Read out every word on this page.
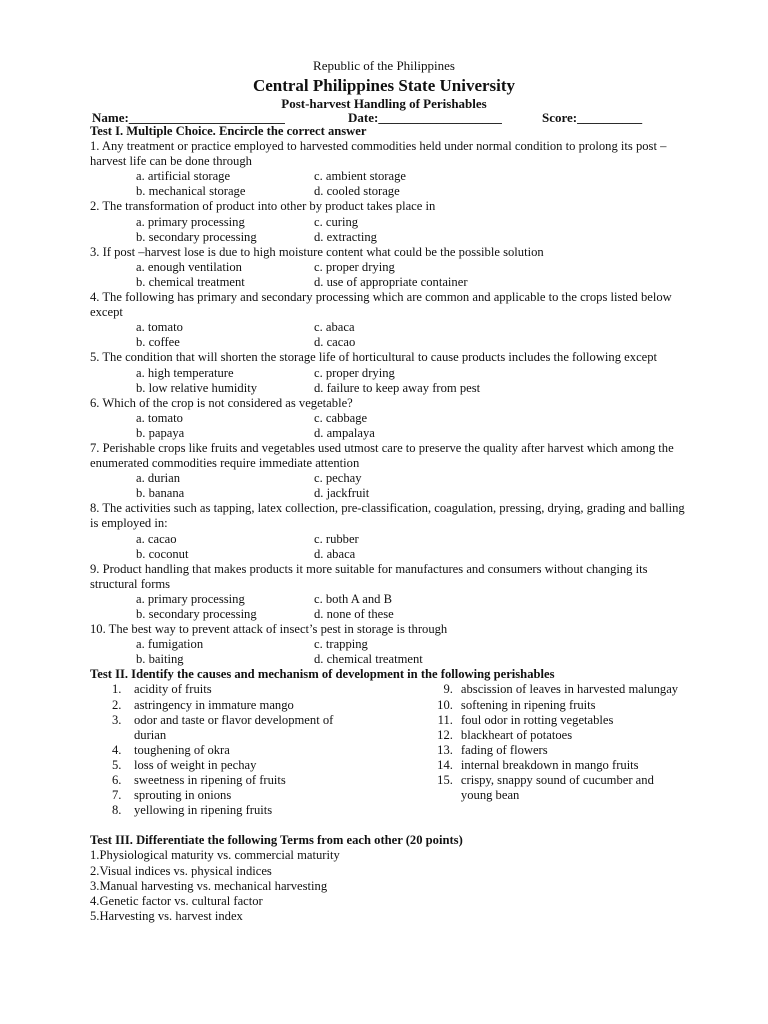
Republic of the Philippines

Central Philippines State University

Post-harvest Handling of Perishables

Name:________________________	Date:___________________	Score:__________
Test I. Multiple Choice. Encircle the correct answer
1. Any treatment or practice employed to harvested commodities held under normal condition to prolong its post –harvest life can be done through
a. artificial storage	c. ambient storage
b. mechanical storage	d. cooled storage
2. The transformation of product into other by product takes place in
a. primary processing	c. curing
b. secondary processing	d. extracting
3. If post –harvest lose is due to high moisture content what could be the possible solution
a. enough ventilation	c. proper drying
b. chemical treatment	d. use of appropriate container
4. The following has primary and secondary processing which are common and applicable to the crops listed below except
a. tomato	c. abaca
b. coffee	d. cacao
5. The condition that will shorten the storage life of horticultural to cause products includes the following except
a. high temperature	c. proper drying
b. low relative humidity	d. failure to keep away from pest
6. Which of the crop is not considered as vegetable?
a. tomato	c. cabbage
b. papaya	d. ampalaya
7. Perishable crops like fruits and vegetables used utmost care to preserve the quality after harvest which among the enumerated commodities require immediate attention
a. durian	c. pechay
b. banana	d. jackfruit
8. The activities such as tapping, latex collection, pre-classification, coagulation, pressing, drying, grading and balling is employed in:
a. cacao	c. rubber
b. coconut	d. abaca
9. Product handling that makes products it more suitable for manufactures and consumers without changing its structural forms
a. primary processing	c. both A and B
b. secondary processing	d. none of these
10. The best way to prevent attack of insect’s pest in storage is through
a. fumigation	c. trapping
b. baiting	d. chemical treatment
Test II. Identify the causes and mechanism of development in the following perishables
1. acidity of fruits
2. astringency in immature mango
3. odor and taste or flavor development of durian
4. toughening of okra
5. loss of weight in pechay
6. sweetness in ripening of fruits
7. sprouting in onions
8. yellowing in ripening fruits
9. abscission of leaves in harvested malungay
10. softening in ripening fruits
11. foul odor in rotting vegetables
12. blackheart of potatoes
13. fading of flowers
14. internal breakdown in mango fruits
15. crispy, snappy sound of cucumber and young bean
Test III. Differentiate the following Terms from each other (20 points)
1. Physiological maturity vs. commercial maturity
2. Visual indices vs. physical indices
3. Manual harvesting vs. mechanical harvesting
4. Genetic factor vs. cultural factor
5. Harvesting vs. harvest index
